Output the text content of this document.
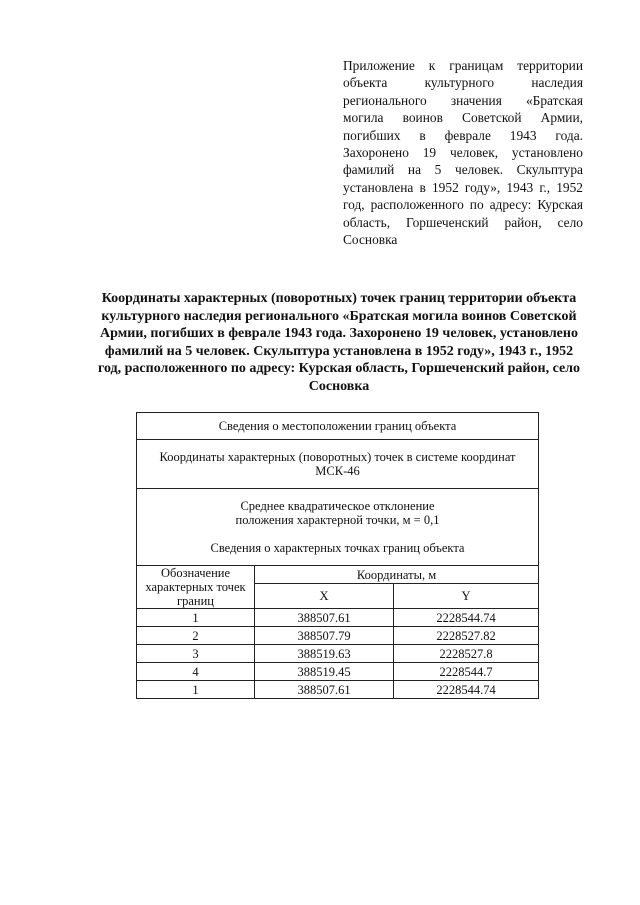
Приложение к границам территории объекта культурного наследия регионального значения «Братская могила воинов Советской Армии, погибших в феврале 1943 года. Захоронено 19 человек, установлено фамилий на 5 человек. Скульптура установлена в 1952 году», 1943 г., 1952 год, расположенного по адресу: Курская область, Горшеченский район, село Сосновка
Координаты характерных (поворотных) точек границ территории объекта культурного наследия регионального «Братская могила воинов Советской Армии, погибших в феврале 1943 года. Захоронено 19 человек, установлено фамилий на 5 человек. Скульптура установлена в 1952 году», 1943 г., 1952 год, расположенного по адресу: Курская область, Горшеченский район, село Сосновка
Сведения о местоположении границ объекта		
Координаты характерных (поворотных) точек в системе координат МСК-46		

Среднее квадратическое отклонение
положения характерной точки, м = 0,1
Сведения о характерных точках границ объекта		

Обозначение характерных точек границ	Координаты, м	
	X	Y
1	388507.61	2228544.74
2	388507.79	2228527.82
3	388519.63	2228527.8
4	388519.45	2228544.7
1	388507.61	2228544.74
